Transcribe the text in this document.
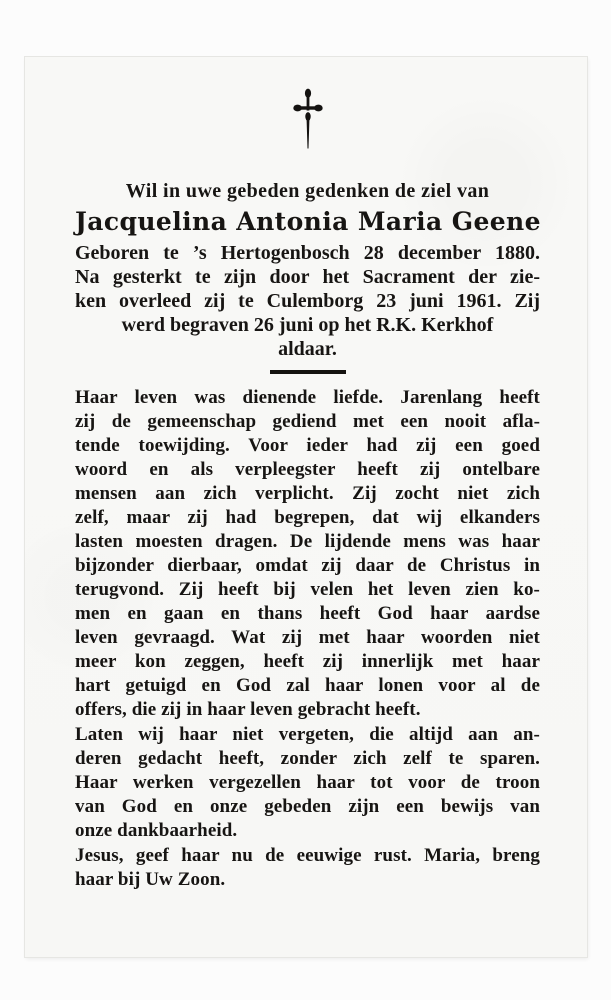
Wil in uwe gebeden gedenken de ziel van
Jacquelina Antonia Maria Geene
Geboren te ’s Hertogenbosch 28 december 1880.
Na gesterkt te zijn door het Sacrament der zie-
ken overleed zij te Culemborg 23 juni 1961. Zij
werd begraven 26 juni op het R.K. Kerkhof
aldaar.
Haar leven was dienende liefde. Jarenlang heeft
zij de gemeenschap gediend met een nooit afla-
tende toewijding. Voor ieder had zij een goed
woord en als verpleegster heeft zij ontelbare
mensen aan zich verplicht. Zij zocht niet zich
zelf, maar zij had begrepen, dat wij elkanders
lasten moesten dragen. De lijdende mens was haar
bijzonder dierbaar, omdat zij daar de Christus in
terugvond. Zij heeft bij velen het leven zien ko-
men en gaan en thans heeft God haar aardse
leven gevraagd. Wat zij met haar woorden niet
meer kon zeggen, heeft zij innerlijk met haar
hart getuigd en God zal haar lonen voor al de
offers, die zij in haar leven gebracht heeft.
Laten wij haar niet vergeten, die altijd aan an-
deren gedacht heeft, zonder zich zelf te sparen.
Haar werken vergezellen haar tot voor de troon
van God en onze gebeden zijn een bewijs van
onze dankbaarheid.
Jesus, geef haar nu de eeuwige rust. Maria, breng
haar bij Uw Zoon.
